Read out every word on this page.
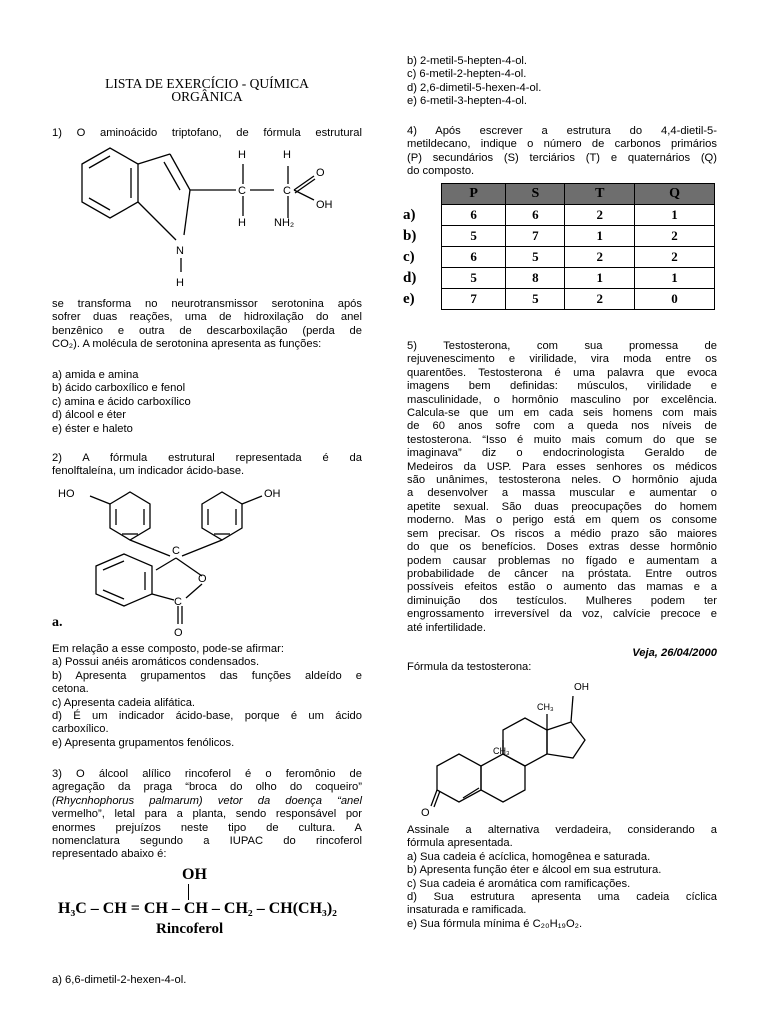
LISTA DE EXERCÍCIO - QUÍMICA
ORGÂNICA
1) O aminoácido triptofano, de fórmula estrutural
H	H
C	C
H
O
OH
NH₂
N
H
se transforma no neurotransmissor serotonina após
sofrer duas reações, uma de hidroxilação do anel
benzênico e outra de descarboxilação (perda de
CO₂). A molécula de serotonina apresenta as funções:
a) amida e amina
b) ácido carboxílico e fenol
c) amina e ácido carboxílico
d) álcool e éter
e) éster e haleto
2) A fórmula estrutural representada é da
fenolftaleína, um indicador ácido-base.
HO	OH
C
O
C
O
a.
Em relação a esse composto, pode-se afirmar:
a) Possui anéis aromáticos condensados.
b) Apresenta grupamentos das funções aldeído e
cetona.
c) Apresenta cadeia alifática.
d) É um indicador ácido-base, porque é um ácido
carboxílico.
e) Apresenta grupamentos fenólicos.
3) O álcool alílico rincoferol é o feromônio de
agregação da praga “broca do olho do coqueiro”
(Rhycnhophorus palmarum) vetor da doença “anel
vermelho”, letal para a planta, sendo responsável por
enormes prejuízos neste tipo de cultura. A
nomenclatura segundo a IUPAC do rincoferol
representado abaixo é:
OH
H₃C – CH = CH – CH – CH₂ – CH(CH₃)₂
Rincoferol
a) 6,6-dimetil-2-hexen-4-ol.
b) 2-metil-5-hepten-4-ol.
c) 6-metil-2-hepten-4-ol.
d) 2,6-dimetil-5-hexen-4-ol.
e) 6-metil-3-hepten-4-ol.
4) Após escrever a estrutura do 4,4-dietil-5-
metildecano, indique o número de carbonos primários
(P) secundários (S) terciários (T) e quaternários (Q)
do composto.
	P	S	T	Q
a)	6	6	2	1
b)	5	7	1	2
c)	6	5	2	2
d)	5	8	1	1
e)	7	5	2	0
5) Testosterona, com sua promessa de
rejuvenescimento e virilidade, vira moda entre os
quarentões. Testosterona é uma palavra que evoca
imagens bem definidas: músculos, virilidade e
masculinidade, o hormônio masculino por excelência.
Calcula-se que um em cada seis homens com mais
de 60 anos sofre com a queda nos níveis de
testosterona. “Isso é muito mais comum do que se
imaginava” diz o endocrinologista Geraldo de
Medeiros da USP. Para esses senhores os médicos
são unânimes, testosterona neles. O hormônio ajuda
a desenvolver a massa muscular e aumentar o
apetite sexual. São duas preocupações do homem
moderno. Mas o perigo está em quem os consome
sem precisar. Os riscos a médio prazo são maiores
do que os benefícios. Doses extras desse hormônio
podem causar problemas no fígado e aumentam a
probabilidade de câncer na próstata. Entre outros
possíveis efeitos estão o aumento das mamas e a
diminuição dos testículos. Mulheres podem ter
engrossamento irreversível da voz, calvície precoce e
até infertilidade.
Veja, 26/04/2000
Fórmula da testosterona:
OH
CH₃
CH₃
O
Assinale a alternativa verdadeira, considerando a
fórmula apresentada.
a) Sua cadeia é acíclica, homogênea e saturada.
b) Apresenta função éter e álcool em sua estrutura.
c) Sua cadeia é aromática com ramificações.
d) Sua estrutura apresenta uma cadeia cíclica
insaturada e ramificada.
e) Sua fórmula mínima é C₂₀H₁₉O₂.
